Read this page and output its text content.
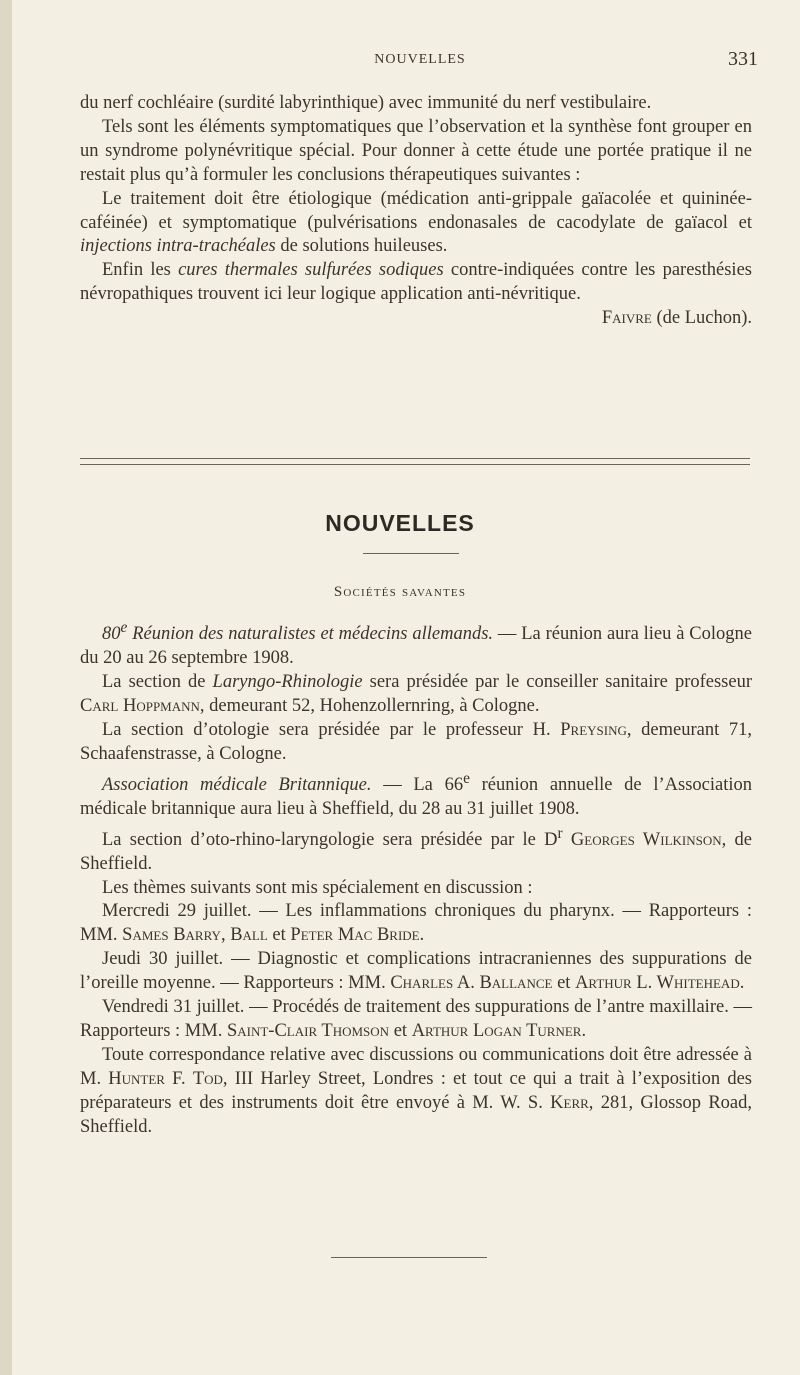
NOUVELLES	331

du nerf cochléaire (surdité labyrinthique) avec immunité du nerf vestibulaire.

Tels sont les éléments symptomatiques que l’observation et la synthèse font grouper en un syndrome polynévritique spécial. Pour donner à cette étude une portée pratique il ne restait plus qu’à formuler les conclusions thérapeutiques suivantes :

Le traitement doit être étiologique (médication anti-grippale gaïacolée et quininée-caféinée) et symptomatique (pulvérisations endonasales de cacodylate de gaïacol et injections intra-trachéales de solutions huileuses.

Enfin les cures thermales sulfurées sodiques contre-indiquées contre les paresthésies névropathiques trouvent ici leur logique application anti-névritique.
Faivre (de Luchon).

NOUVELLES
Sociétés savantes

80e Réunion des naturalistes et médecins allemands. — La réunion aura lieu à Cologne du 20 au 26 septembre 1908.

La section de Laryngo-Rhinologie sera présidée par le conseiller sanitaire professeur Carl Hoppmann, demeurant 52, Hohenzollernring, à Cologne.

La section d’otologie sera présidée par le professeur H. Preysing, demeurant 71, Schaafenstrasse, à Cologne.

Association médicale Britannique. — La 66e réunion annuelle de l’Association médicale britannique aura lieu à Sheffield, du 28 au 31 juillet 1908.

La section d’oto-rhino-laryngologie sera présidée par le $D^r$ Georges Wilkinson, de Sheffield.

Les thèmes suivants sont mis spécialement en discussion :

Mercredi 29 juillet. — Les inflammations chroniques du pharynx. — Rapporteurs : MM. Sames Barry, Ball et Peter Mac Bride.

Jeudi 30 juillet. — Diagnostic et complications intracraniennes des suppurations de l’oreille moyenne. — Rapporteurs : MM. Charles A. Ballance et Arthur L. Whitehead.

Vendredi 31 juillet. — Procédés de traitement des suppurations de l’antre maxillaire. — Rapporteurs : MM. Saint-Clair Thomson et Arthur Logan Turner.

Toute correspondance relative avec discussions ou communications doit être adressée à M. Hunter F. Tod, III Harley Street, Londres : et tout ce qui a trait à l’exposition des préparateurs et des instruments doit être envoyé à M. W. S. Kerr, 281, Glossop Road, Sheffield.
